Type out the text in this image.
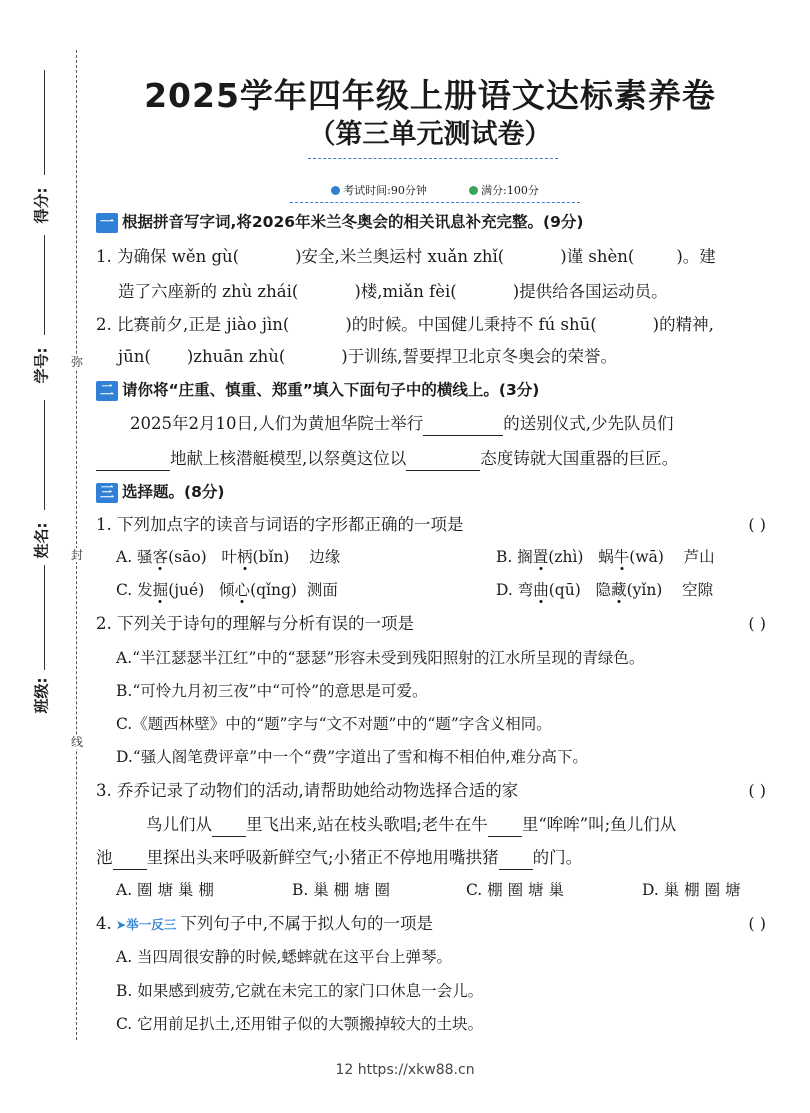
弥
封
线
得分:
学号:
姓名:
班级:
2025学年四年级上册语文达标素养卷
（第三单元测试卷）
考试时间:90分钟	满分:100分
一 根据拼音写字词,将2026年米兰冬奥会的相关讯息补充完整。(9分)
1. 为确保 wěn gù(	)安全,米兰奥运村 xuǎn zhǐ(	)谨 shèn(	)。建
造了六座新的 zhù zhái(	)楼,miǎn fèi(	)提供给各国运动员。
2. 比赛前夕,正是 jiào jìn(	)的时候。中国健儿秉持不 fú shū(	)的精神,
jūn( )zhuān zhù(	)于训练,誓要捍卫北京冬奥会的荣誉。
二 请你将“庄重、慎重、郑重”填入下面句子中的横线上。(3分)
2025年2月10日,人们为黄旭华院士举行	的送别仪式,少先队员们
地献上核潜艇模型,以祭奠这位以	态度铸就大国重器的巨匠。
三 选择题。(8分)
1. 下列加点字的读音与词语的字形都正确的一项是	( )
A. 骚客(sāo) 叶柄(bǐn) 边缘	B. 搁置(zhì) 蜗牛(wā) 芦山
C. 发掘(jué) 倾心(qǐng) 测面	D. 弯曲(qū) 隐藏(yǐn) 空隙
2. 下列关于诗句的理解与分析有误的一项是	( )
A.“半江瑟瑟半江红”中的“瑟瑟”形容未受到残阳照射的江水所呈现的青绿色。
B.“可怜九月初三夜”中“可怜”的意思是可爱。
C.《题西林壁》中的“题”字与“文不对题”中的“题”字含义相同。
D.“骚人阁笔费评章”中一个“费”字道出了雪和梅不相伯仲,难分高下。
3. 乔乔记录了动物们的活动,请帮助她给动物选择合适的家	( )
鸟儿们从 里飞出来,站在枝头歌唱;老牛在牛 里“哞哞”叫;鱼儿们从
池 里探出头来呼吸新鲜空气;小猪正不停地用嘴拱猪 的门。
A. 圈 塘 巢 棚	B. 巢 棚 塘 圈	C. 棚 圈 塘 巢	D. 巢 棚 圈 塘
4. ➤举一反三 下列句子中,不属于拟人句的一项是	( )
A. 当四周很安静的时候,蟋蟀就在这平台上弹琴。
B. 如果感到疲劳,它就在未完工的家门口休息一会儿。
C. 它用前足扒土,还用钳子似的大颚搬掉较大的土块。
12 https://xkw88.cn
